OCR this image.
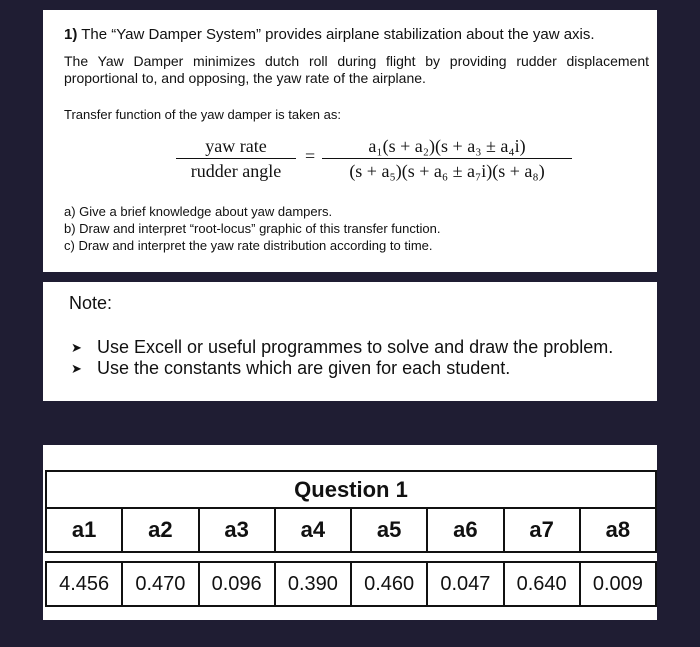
1) The “Yaw Damper System” provides airplane stabilization about the yaw axis.
The Yaw Damper minimizes dutch roll during flight by providing rudder displacement proportional to, and opposing, the yaw rate of the airplane.
Transfer function of the yaw damper is taken as:
yaw rate
rudder angle
=	a₁(s + a₂)(s + a₃ ± a₄i)
(s + a₅)(s + a₆ ± a₇i)(s + a₈)
a) Give a brief knowledge about yaw dampers.
b) Draw and interpret “root-locus” graphic of this transfer function.
c) Draw and interpret the yaw rate distribution according to time.
Note:
➤ Use Excell or useful programmes to solve and draw the problem.
➤ Use the constants which are given for each student.
Question 1							
a1	a2	a3	a4	a5	a6	a7	a8

4.456	0.470	0.096	0.390	0.460	0.047	0.640	0.009
